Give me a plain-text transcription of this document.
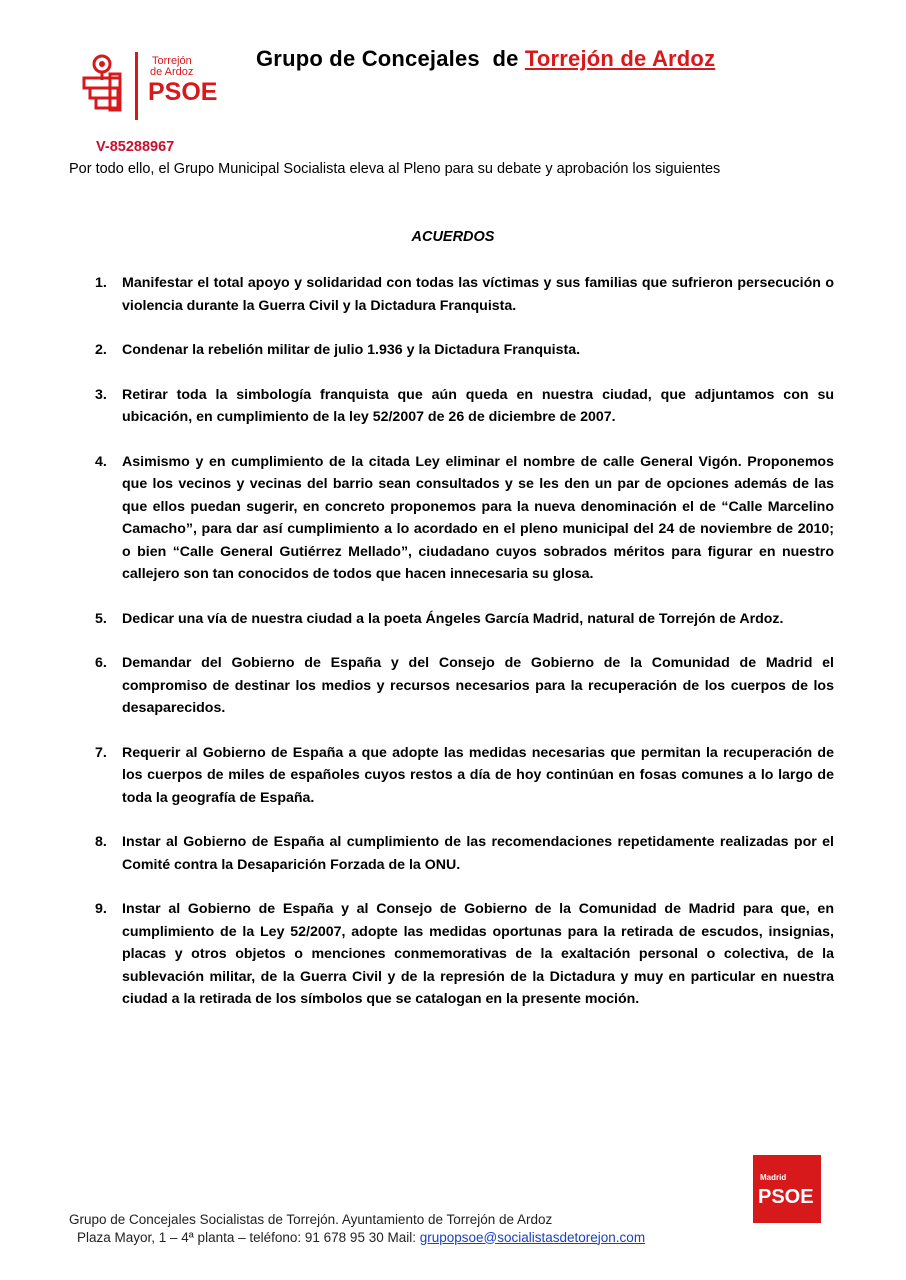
Torrejón
de Ardoz
PSOE
Grupo de Concejales  de Torrejón de Ardoz
V-85288967
Por todo ello, el Grupo Municipal Socialista eleva al Pleno para su debate y aprobación los siguientes
ACUERDOS
1. Manifestar el total apoyo y solidaridad con todas las víctimas y sus familias que sufrieron persecución o violencia durante la Guerra Civil y la Dictadura Franquista.
2. Condenar la rebelión militar de julio 1.936 y la Dictadura Franquista.
3. Retirar toda la simbología franquista que aún queda en nuestra ciudad, que adjuntamos con su ubicación, en cumplimiento de la ley 52/2007 de 26 de diciembre de 2007.
4. Asimismo y en cumplimiento de la citada Ley eliminar el nombre de calle General Vigón. Proponemos que los vecinos y vecinas del barrio sean consultados y se les den un par de opciones además de las que ellos puedan sugerir, en concreto proponemos para la nueva denominación el de “Calle Marcelino Camacho”, para dar así cumplimiento a lo acordado en el pleno municipal del 24 de noviembre de 2010; o bien “Calle General Gutiérrez Mellado”, ciudadano cuyos sobrados méritos para figurar en nuestro callejero son tan conocidos de todos que hacen innecesaria su glosa.
5. Dedicar una vía de nuestra ciudad a la poeta Ángeles García Madrid, natural de Torrejón de Ardoz.
6. Demandar del Gobierno de España y del Consejo de Gobierno de la Comunidad de Madrid el compromiso de destinar los medios y recursos necesarios para la recuperación de los cuerpos de los desaparecidos.
7. Requerir al Gobierno de España a que adopte las medidas necesarias que permitan la recuperación de los cuerpos de miles de españoles cuyos restos a día de hoy continúan en fosas comunes a lo largo de toda la geografía de España.
8. Instar al Gobierno de España al cumplimiento de las recomendaciones repetidamente realizadas por el Comité contra la Desaparición Forzada de la ONU.
9. Instar al Gobierno de España y al Consejo de Gobierno de la Comunidad de Madrid para que, en cumplimiento de la Ley 52/2007, adopte las medidas oportunas para la retirada de escudos, insignias, placas y otros objetos o menciones conmemorativas de la exaltación personal o colectiva, de la sublevación militar, de la Guerra Civil y de la represión de la Dictadura y muy en particular en nuestra ciudad a la retirada de los símbolos que se catalogan en la presente moción.
Madrid
PSOE
Grupo de Concejales Socialistas de Torrejón. Ayuntamiento de Torrejón de Ardoz
Plaza Mayor, 1 – 4ª planta – teléfono: 91 678 95 30 Mail: grupopsoe@socialistasdetorejon.com
